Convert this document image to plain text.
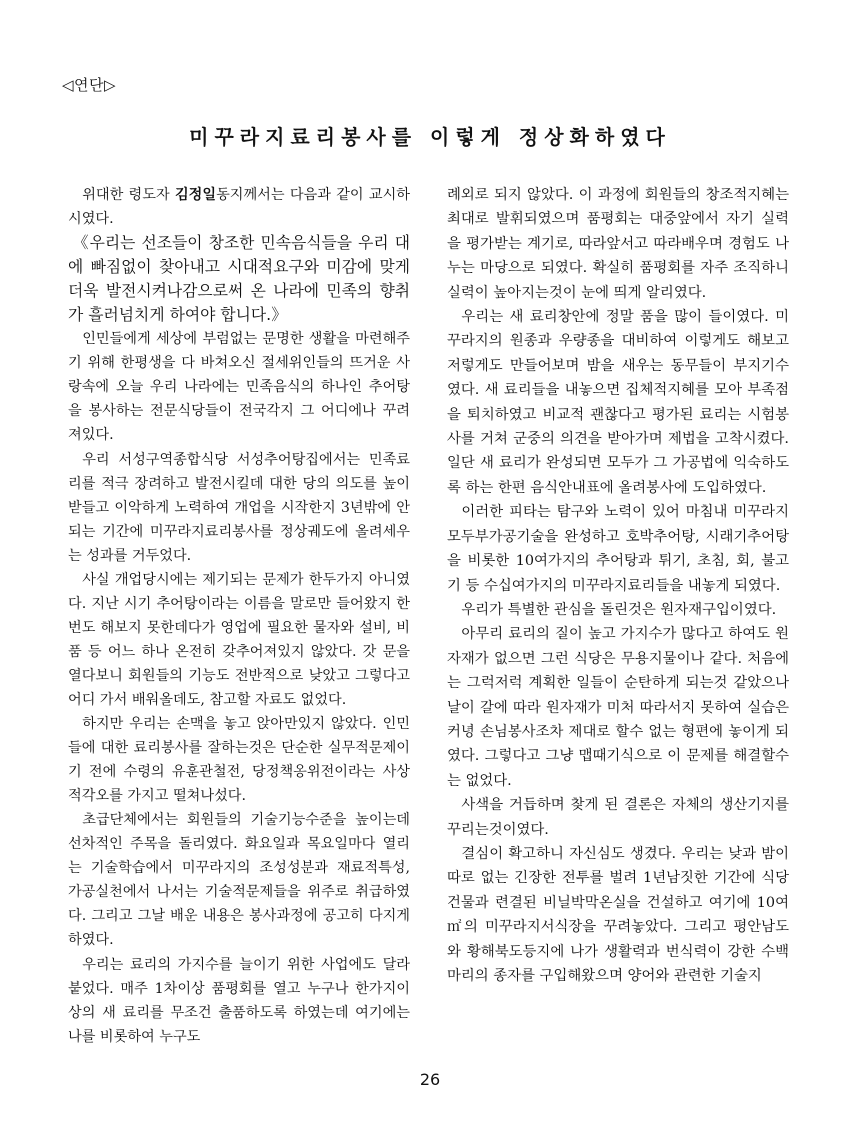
◁연단▷
미꾸라지료리봉사를 이렇게 정상화하였다

위대한 령도자 김정일동지께서는 다음과 같이 교시하시였다.

《우리는 선조들이 창조한 민속음식들을 우리 대에 빠짐없이 찾아내고 시대적요구와 미감에 맞게 더욱 발전시켜나감으로써 온 나라에 민족의 향취가 흘러넘치게 하여야 합니다.》

인민들에게 세상에 부럼없는 문명한 생활을 마련해주기 위해 한평생을 다 바쳐오신 절세위인들의 뜨거운 사랑속에 오늘 우리 나라에는 민족음식의 하나인 추어탕을 봉사하는 전문식당들이 전국각지 그 어디에나 꾸려져있다.

우리 서성구역종합식당 서성추어탕집에서는 민족료리를 적극 장려하고 발전시킬데 대한 당의 의도를 높이 받들고 이악하게 노력하여 개업을 시작한지 3년밖에 안되는 기간에 미꾸라지료리봉사를 정상궤도에 올려세우는 성과를 거두었다.

사실 개업당시에는 제기되는 문제가 한두가지 아니였다. 지난 시기 추어탕이라는 이름을 말로만 들어왔지 한번도 해보지 못한데다가 영업에 필요한 물자와 설비, 비품 등 어느 하나 온전히 갖추어져있지 않았다. 갓 문을 열다보니 회원들의 기능도 전반적으로 낮았고 그렇다고 어디 가서 배워올데도, 참고할 자료도 없었다.

하지만 우리는 손맥을 놓고 앉아만있지 않았다. 인민들에 대한 료리봉사를 잘하는것은 단순한 실무적문제이기 전에 수령의 유훈관철전, 당정책옹위전이라는 사상적각오를 가지고 떨쳐나섰다.

초급단체에서는 회원들의 기술기능수준을 높이는데 선차적인 주목을 돌리였다. 화요일과 목요일마다 열리는 기술학습에서 미꾸라지의 조성성분과 재료적특성, 가공실천에서 나서는 기술적문제들을 위주로 취급하였다. 그리고 그날 배운 내용은 봉사과정에 공고히 다지게 하였다.

우리는 료리의 가지수를 늘이기 위한 사업에도 달라붙었다. 매주 1차이상 품평회를 열고 누구나 한가지이상의 새 료리를 무조건 출품하도록 하였는데 여기에는 나를 비롯하여 누구도

례외로 되지 않았다. 이 과정에 회원들의 창조적지혜는 최대로 발휘되였으며 품평회는 대중앞에서 자기 실력을 평가받는 계기로, 따라앞서고 따라배우며 경험도 나누는 마당으로 되였다. 확실히 품평회를 자주 조직하니 실력이 높아지는것이 눈에 띄게 알리였다.

우리는 새 료리창안에 정말 품을 많이 들이였다. 미꾸라지의 원종과 우량종을 대비하여 이렇게도 해보고 저렇게도 만들어보며 밤을 새우는 동무들이 부지기수였다. 새 료리들을 내놓으면 집체적지혜를 모아 부족점을 퇴치하였고 비교적 괜찮다고 평가된 료리는 시험봉사를 거쳐 군중의 의견을 받아가며 제법을 고착시켰다. 일단 새 료리가 완성되면 모두가 그 가공법에 익숙하도록 하는 한편 음식안내표에 올려봉사에 도입하였다.

이러한 피타는 탐구와 노력이 있어 마침내 미꾸라지모두부가공기술을 완성하고 호박추어탕, 시래기추어탕을 비롯한 10여가지의 추어탕과 튀기, 초침, 회, 불고기 등 수십여가지의 미꾸라지료리들을 내놓게 되였다.

우리가 특별한 관심을 돌린것은 원자재구입이였다.

아무리 료리의 질이 높고 가지수가 많다고 하여도 원자재가 없으면 그런 식당은 무용지물이나 같다. 처음에는 그럭저럭 계획한 일들이 순탄하게 되는것 같았으나 날이 갈에 따라 원자재가 미처 따라서지 못하여 실습은커녕 손님봉사조차 제대로 할수 없는 형편에 놓이게 되였다. 그렇다고 그냥 맵때기식으로 이 문제를 해결할수는 없었다.

사색을 거듭하며 찾게 된 결론은 자체의 생산기지를 꾸리는것이였다.

결심이 확고하니 자신심도 생겼다. 우리는 낮과 밤이 따로 없는 긴장한 전투를 벌려 1년남짓한 기간에 식당건물과 련결된 비닐박막온실을 건설하고 여기에 10여㎡의 미꾸라지서식장을 꾸려놓았다. 그리고 평안남도와 황해북도등지에 나가 생활력과 번식력이 강한 수백마리의 종자를 구입해왔으며 양어와 관련한 기술지

26
